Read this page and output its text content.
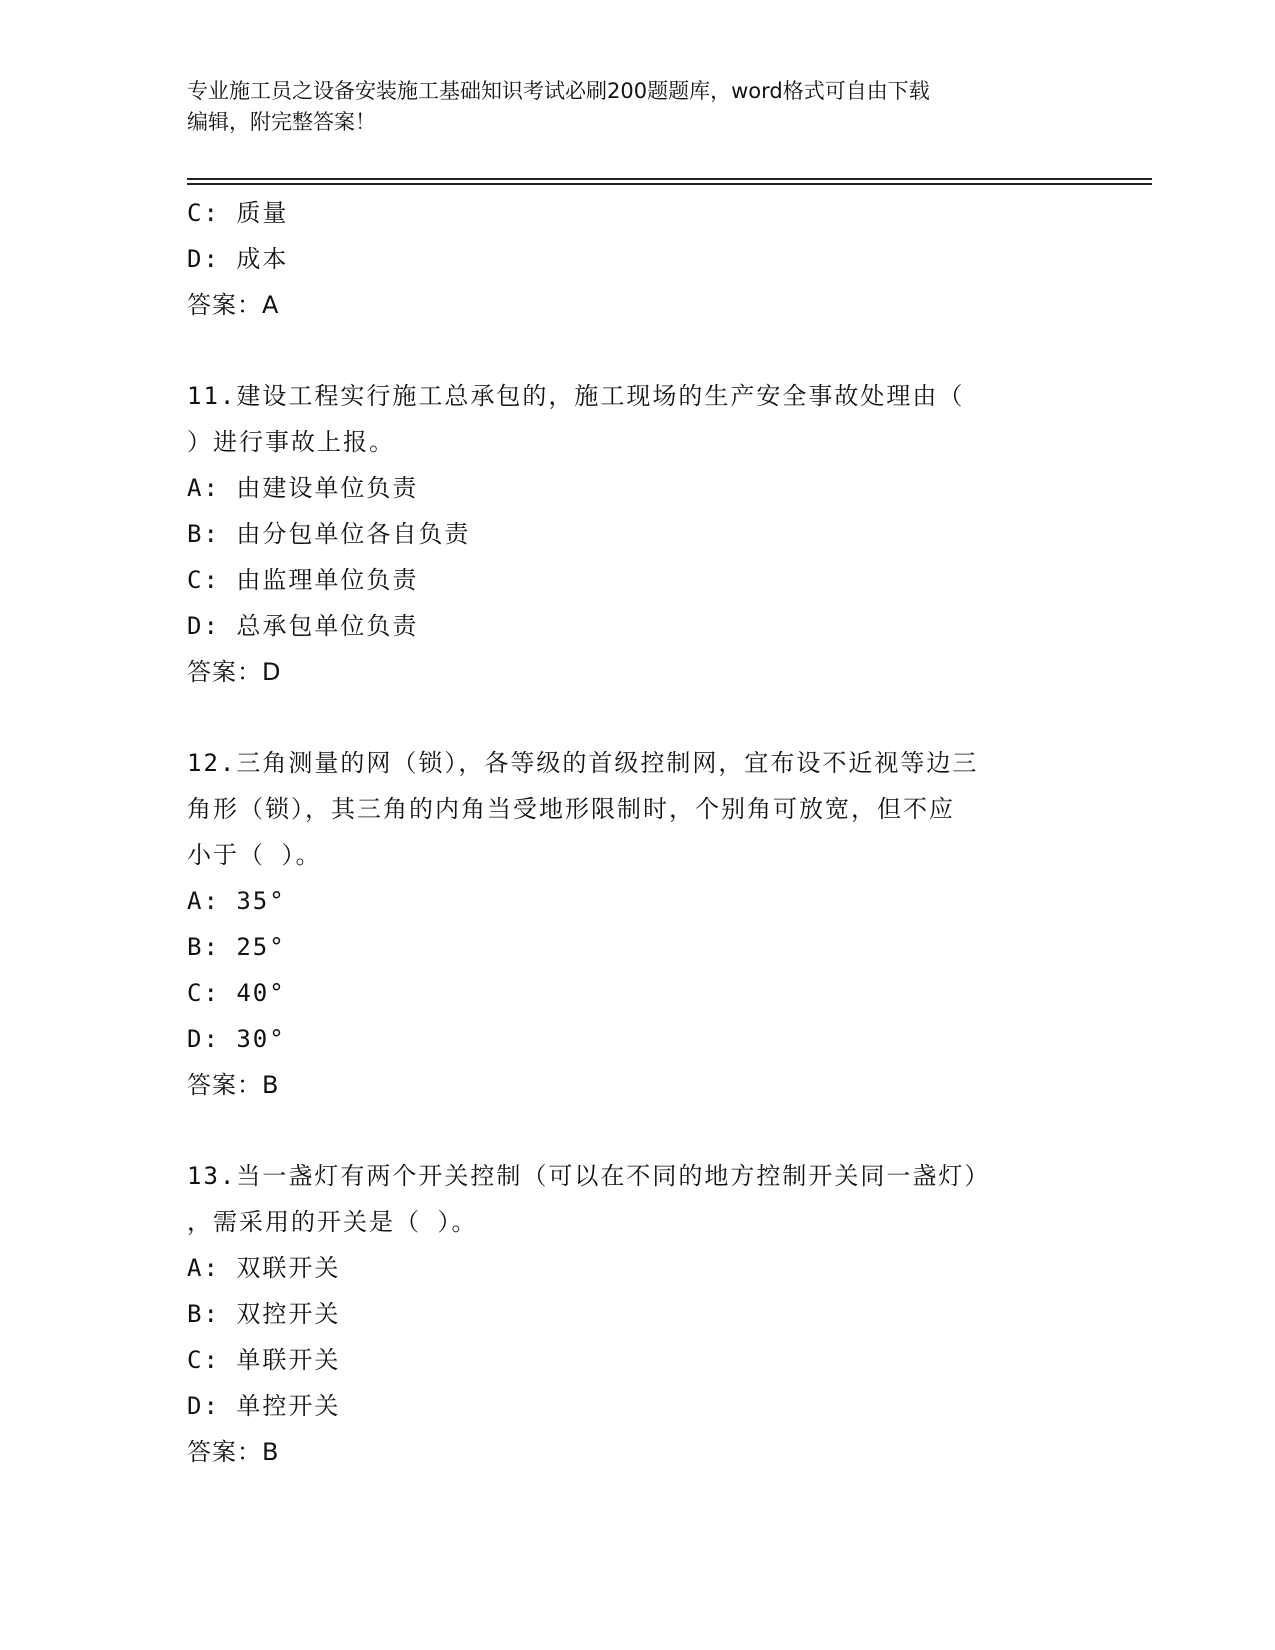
专业施工员之设备安装施工基础知识考试必刷200题题库，word格式可自由下载
编辑，附完整答案！
C: 质量
D: 成本
答案：A
11.建设工程实行施工总承包的，施工现场的生产安全事故处理由（
）进行事故上报。
A: 由建设单位负责
B: 由分包单位各自负责
C: 由监理单位负责
D: 总承包单位负责
答案：D
12.三角测量的网（锁），各等级的首级控制网，宜布设不近视等边三
角形（锁），其三角的内角当受地形限制时，个别角可放宽，但不应
小于（ ）。
A: 35°
B: 25°
C: 40°
D: 30°
答案：B
13.当一盏灯有两个开关控制（可以在不同的地方控制开关同一盏灯）
，需采用的开关是（ ）。
A: 双联开关
B: 双控开关
C: 单联开关
D: 单控开关
答案：B
